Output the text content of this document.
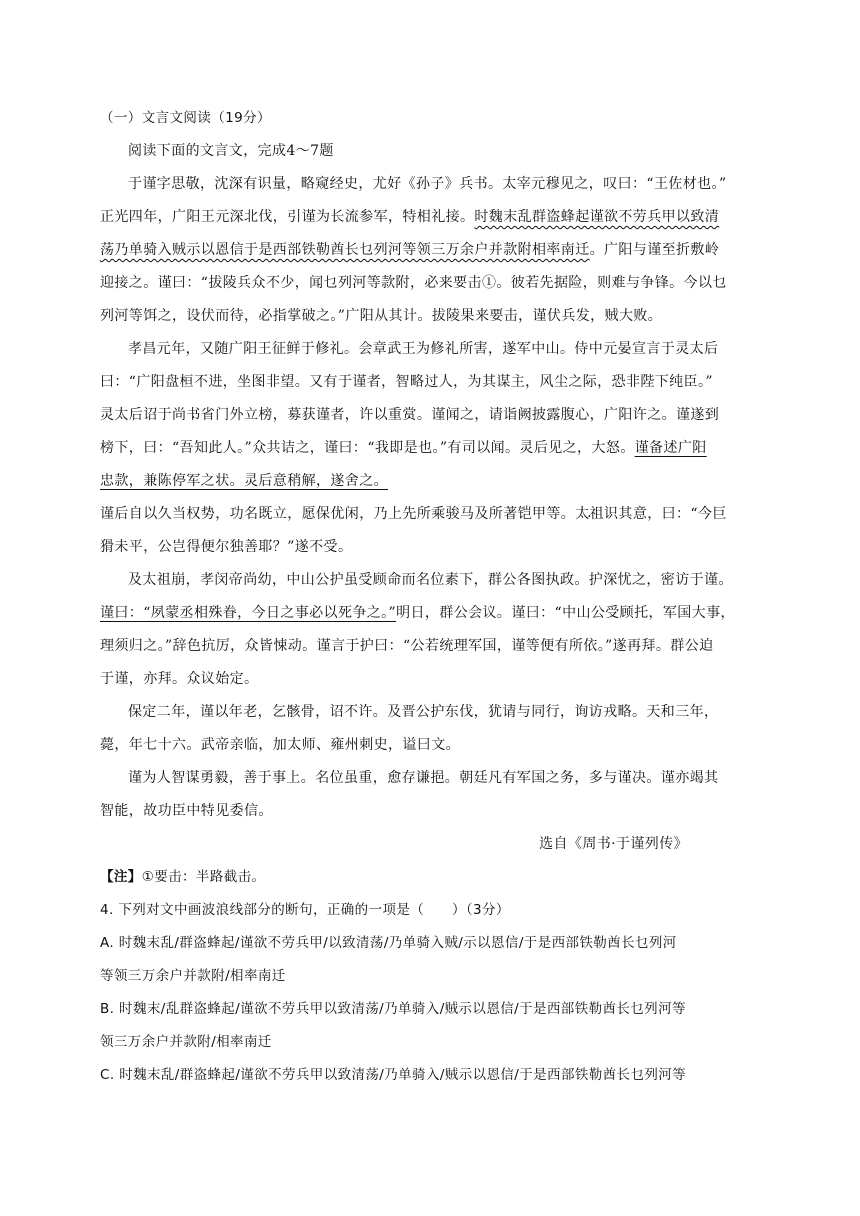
（一）文言文阅读（19分）
阅读下面的文言文，完成4～7题
于谨字思敬，沈深有识量，略窥经史，尤好《孙子》兵书。太宰元穆见之，叹曰：“王佐材也。”
正光四年，广阳王元深北伐，引谨为长流参军，特相礼接。时魏末乱群盗蜂起谨欲不劳兵甲以致清
荡乃单骑入贼示以恩信于是西部铁勒酋长乜列河等领三万余户并款附相率南迁。广阳与谨至折敷岭
迎接之。谨曰：“拔陵兵众不少，闻乜列河等款附，必来要击①。彼若先据险，则难与争锋。今以乜
列河等饵之，设伏而待，必指掌破之。”广阳从其计。拔陵果来要击，谨伏兵发，贼大败。
孝昌元年，又随广阳王征鲜于修礼。会章武王为修礼所害，遂军中山。侍中元晏宣言于灵太后
曰：“广阳盘桓不进，坐图非望。又有于谨者，智略过人，为其谋主，风尘之际，恐非陛下纯臣。”
灵太后诏于尚书省 ·门外立榜，募获谨者，许以重赏 ·。谨闻之，请诣阙披露腹心，广阳许之。谨遂到
榜下，曰：“吾知此人。”众共诘之，谨曰：“我即是也。”有司以闻。灵后见之，大怒。谨备述广阳
忠款，兼陈停军之状。灵后意稍解，遂舍之。
谨后自以久当权势，功名既立，愿保优闲，乃上先所乘骏马及所著铠甲等。太祖 ·识其意，曰：“今巨
猾未平，公岂得便尔独善耶？”遂不受。
及太祖崩，孝闵帝尚幼，中山公护虽受顾命而名位素下，群公各图执政。护深忧之，密访于谨。
谨曰：“夙蒙丞相殊眷，今日之事必以死争之。”明日，群公会议。谨曰：“中山公受顾托，军国大事，
理须归之。”辞色抗厉，众皆悚动。谨言于护曰：“公若统理军国，谨等便有所依。”遂再拜 ·。群公迫
于谨，亦拜。众议始定。
保定二年，谨以年老，乞骸骨，诏不许。及晋公护东伐，犹请与同行，询访戎略。天和三年，
薨，年七十六。武帝亲临，加太师、雍州刺史，谥曰文。
谨为人智谋勇毅，善于事上。名位虽重，愈存谦挹。朝廷凡有军国之务，多与谨决。谨亦竭其
智能，故功臣中特见委信。
选自《周书·于谨列传》
【注】①要击：半路截击。
4. 下列对文中画波浪线部分的断句，正确的一项是（　　）（3分）
A. 时魏末乱/群盗蜂起/谨欲不劳兵甲/以致清荡/乃单骑入贼/示以恩信/于是西部铁勒酋长乜列河
等领三万余户并款附/相率南迁
B. 时魏末/乱群盗蜂起/谨欲不劳兵甲以致清荡/乃单骑入/贼示以恩信/于是西部铁勒酋长乜列河等
领三万余户并款附/相率南迁
C. 时魏末乱/群盗蜂起/谨欲不劳兵甲以致清荡/乃单骑入/贼示以恩信/于是西部铁勒酋长乜列河等
